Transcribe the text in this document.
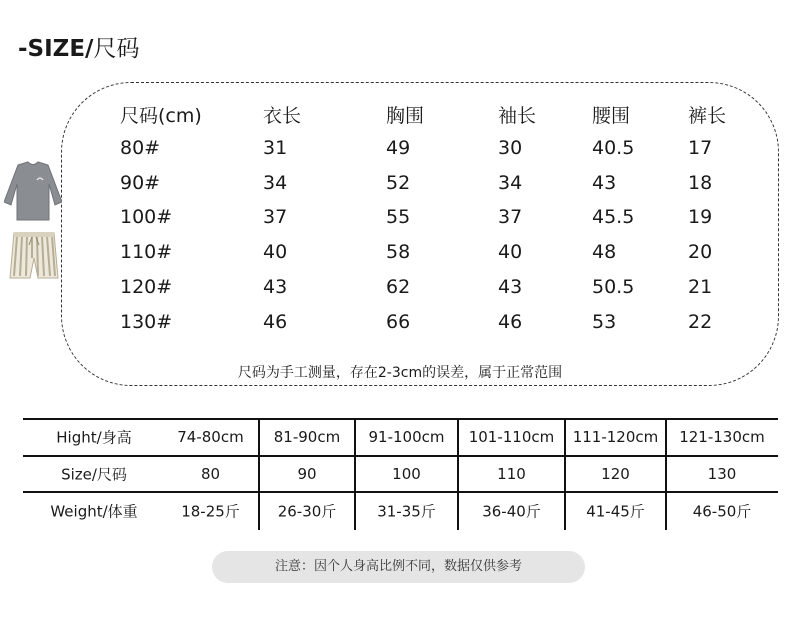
-SIZE/尺码
尺码(cm)	衣长	胸围	袖长	腰围	裤长
80#	31	49	30	40.5	17
90#	34	52	34	43	18
100#	37	55	37	45.5	19
110#	40	58	40	48	20
120#	43	62	43	50.5	21
130#	46	66	46	53	22
尺码为手工测量，存在2-3cm的误差，属于正常范围
Hight/身高	74-80cm	81-90cm	91-100cm	101-110cm	111-120cm	121-130cm
Size/尺码	80	90	100	110	120	130
Weight/体重	18-25斤	26-30斤	31-35斤	36-40斤	41-45斤	46-50斤
注意：因个人身高比例不同，数据仅供参考
